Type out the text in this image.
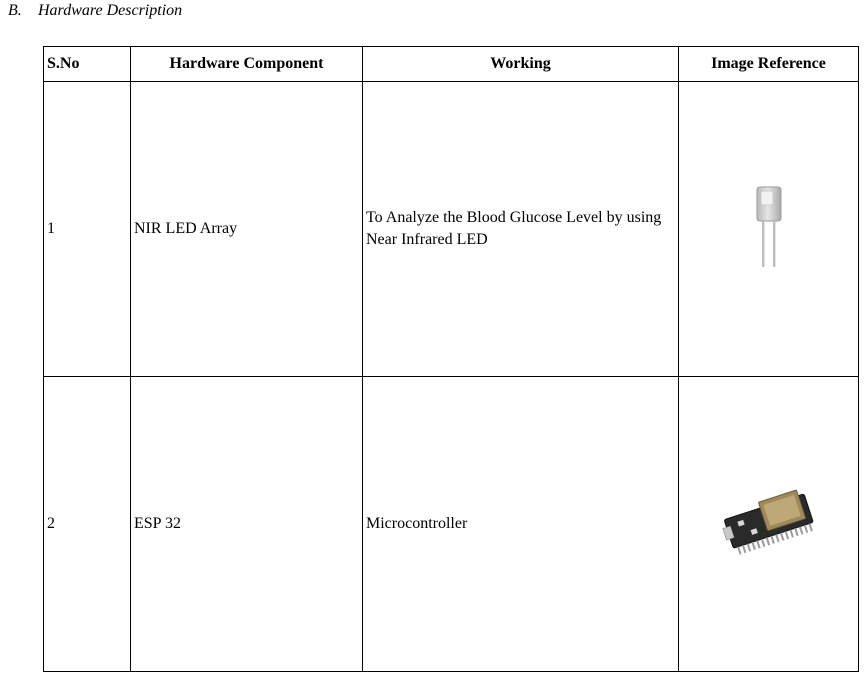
B. Hardware Description
S.No	Hardware Component	Working	Image Reference
1	NIR LED Array	To Analyze the Blood Glucose Level by using Near Infrared LED	
2	ESP 32	Microcontroller	
